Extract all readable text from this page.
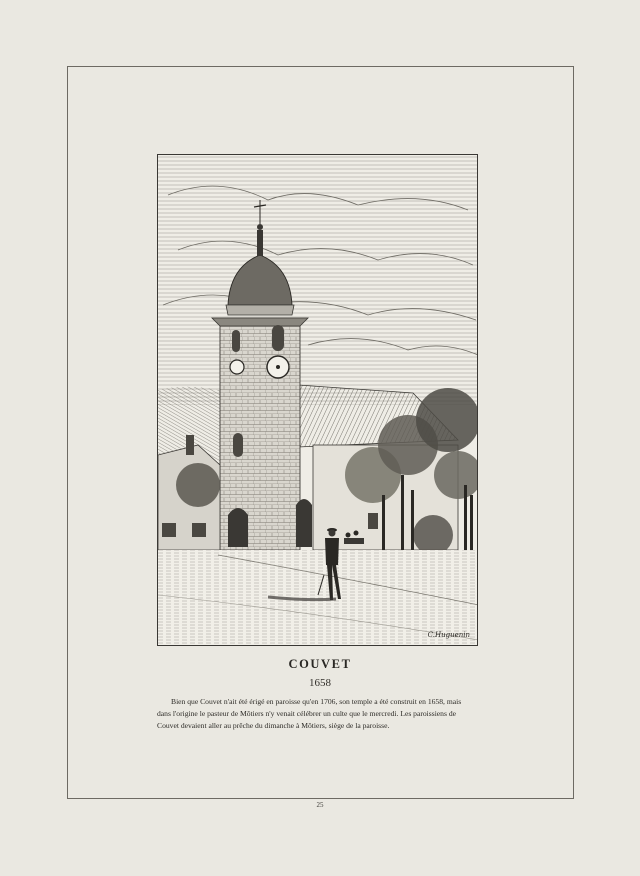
C.Huguenin
COUVET
1658
Bien que Couvet n'ait été érigé en paroisse qu'en 1706, son temple a été construit en 1658, mais
dans l'origine le pasteur de Môtiers n'y venait célébrer un culte que le mercredi. Les paroissiens de
Couvet devaient aller au prêche du dimanche à Môtiers, siège de la paroisse.
25
